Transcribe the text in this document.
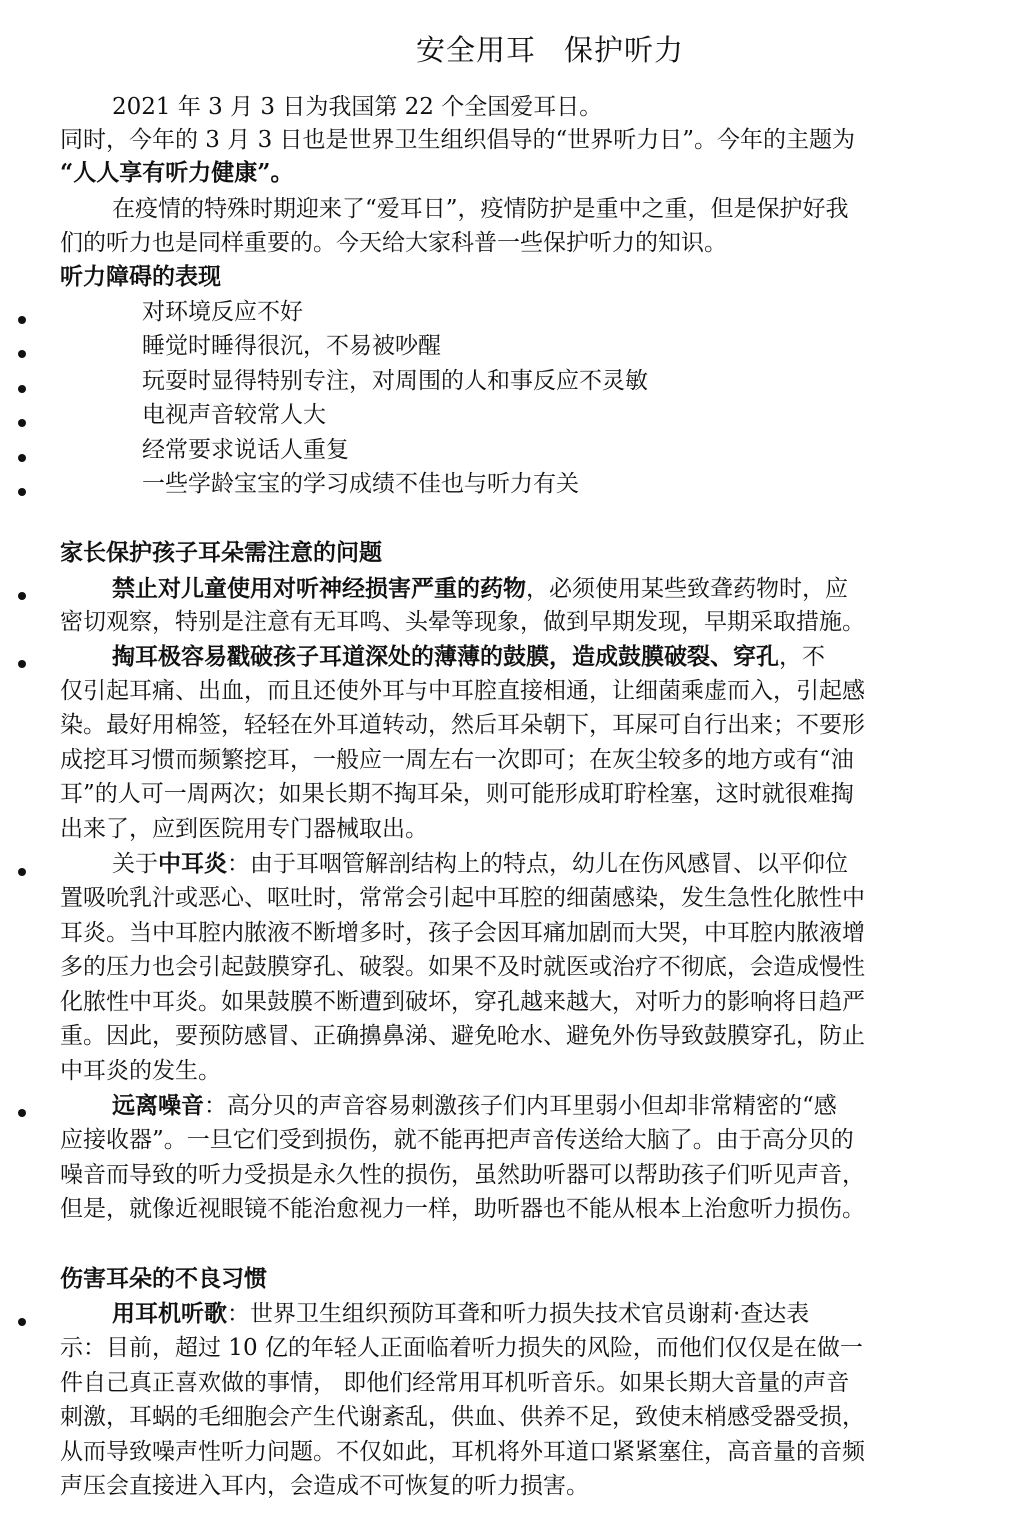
安全用耳 保护听力
2021 年 3 月 3 日为我国第 22 个全国爱耳日。
同时，今年的 3 月 3 日也是世界卫生组织倡导的“世界听力日”。今年的主题为
“人人享有听力健康”。
在疫情的特殊时期迎来了“爱耳日”，疫情防护是重中之重，但是保护好我
们的听力也是同样重要的。今天给大家科普一些保护听力的知识。
听力障碍的表现
对环境反应不好
睡觉时睡得很沉，不易被吵醒
玩耍时显得特别专注，对周围的人和事反应不灵敏
电视声音较常人大
经常要求说话人重复
一些学龄宝宝的学习成绩不佳也与听力有关
家长保护孩子耳朵需注意的问题
禁止对儿童使用对听神经损害严重的药物，必须使用某些致聋药物时，应
密切观察，特别是注意有无耳鸣、头晕等现象，做到早期发现，早期采取措施。
掏耳极容易戳破孩子耳道深处的薄薄的鼓膜，造成鼓膜破裂、穿孔，不
仅引起耳痛、出血，而且还使外耳与中耳腔直接相通，让细菌乘虚而入，引起感
染。最好用棉签，轻轻在外耳道转动，然后耳朵朝下，耳屎可自行出来；不要形
成挖耳习惯而频繁挖耳，一般应一周左右一次即可；在灰尘较多的地方或有“油
耳”的人可一周两次；如果长期不掏耳朵，则可能形成耵聍栓塞，这时就很难掏
出来了，应到医院用专门器械取出。
关于中耳炎：由于耳咽管解剖结构上的特点，幼儿在伤风感冒、以平仰位
置吸吮乳汁或恶心、呕吐时，常常会引起中耳腔的细菌感染，发生急性化脓性中
耳炎。当中耳腔内脓液不断增多时，孩子会因耳痛加剧而大哭，中耳腔内脓液增
多的压力也会引起鼓膜穿孔、破裂。如果不及时就医或治疗不彻底，会造成慢性
化脓性中耳炎。如果鼓膜不断遭到破坏，穿孔越来越大，对听力的影响将日趋严
重。因此，要预防感冒、正确擤鼻涕、避免呛水、避免外伤导致鼓膜穿孔，防止
中耳炎的发生。
远离噪音：高分贝的声音容易刺激孩子们内耳里弱小但却非常精密的“感
应接收器”。一旦它们受到损伤，就不能再把声音传送给大脑了。由于高分贝的
噪音而导致的听力受损是永久性的损伤，虽然助听器可以帮助孩子们听见声音，
但是，就像近视眼镜不能治愈视力一样，助听器也不能从根本上治愈听力损伤。
伤害耳朵的不良习惯
用耳机听歌：世界卫生组织预防耳聋和听力损失技术官员谢莉·查达表
示：目前，超过 10 亿的年轻人正面临着听力损失的风险，而他们仅仅是在做一
件自己真正喜欢做的事情， 即他们经常用耳机听音乐。如果长期大音量的声音
刺激，耳蜗的毛细胞会产生代谢紊乱，供血、供养不足，致使末梢感受器受损，
从而导致噪声性听力问题。不仅如此，耳机将外耳道口紧紧塞住，高音量的音频
声压会直接进入耳内，会造成不可恢复的听力损害。
